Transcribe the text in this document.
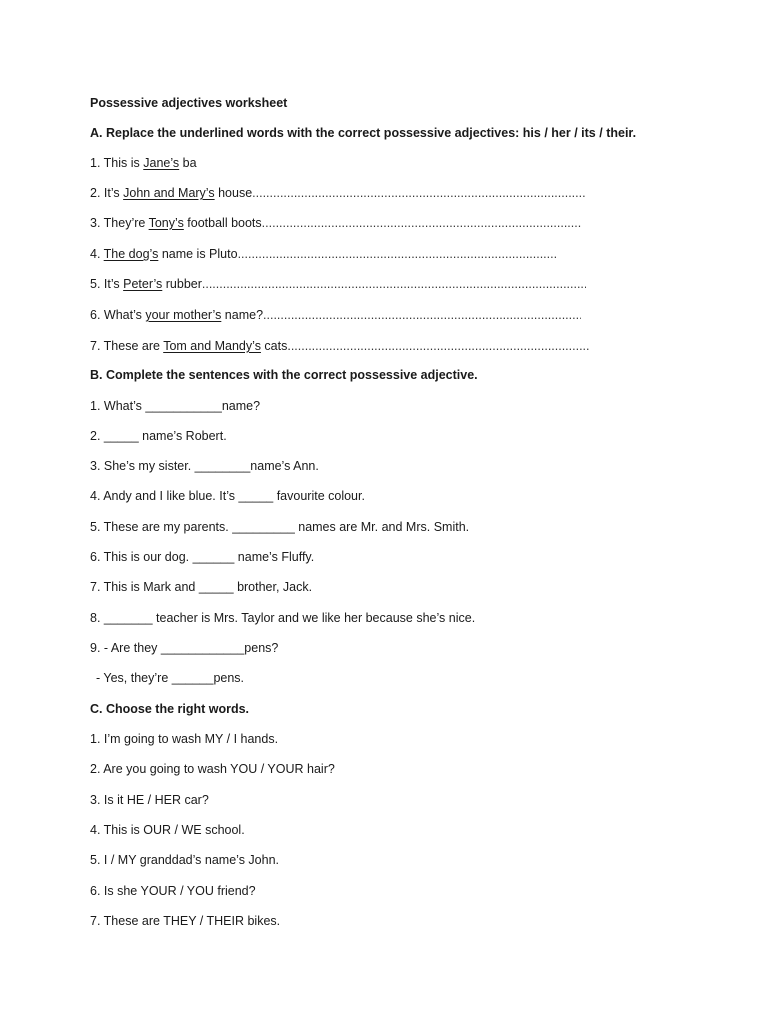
Possessive adjectives worksheet
A. Replace the underlined words with the correct possessive adjectives: his / her / its / their.
1. This is Jane’s ba
2. It’s John and Mary’s house.....
3. They’re Tony’s football boots.....
4. The dog’s name is Pluto.....
5. It’s Peter’s rubber.....
6. What’s your mother’s name?.....
7. These are Tom and Mandy’s cats......
B. Complete the sentences with the correct possessive adjective.
1. What’s ___________name?
2. _____ name’s Robert.
3. She’s my sister. ________name’s Ann.
4. Andy and I like blue. It’s _____ favourite colour.
5. These are my parents. _________ names are Mr. and Mrs. Smith.
6. This is our dog. ______ name’s Fluffy.
7. This is Mark and _____ brother, Jack.
8. _______ teacher is Mrs. Taylor and we like her because she’s nice.
9. - Are they ____________pens?
- Yes, they’re ______pens.
C. Choose the right words.
1. I’m going to wash MY / I hands.
2. Are you going to wash YOU / YOUR hair?
3. Is it HE / HER car?
4. This is OUR / WE school.
5. I / MY granddad’s name’s John.
6. Is she YOUR / YOU friend?
7. These are THEY / THEIR bikes.
